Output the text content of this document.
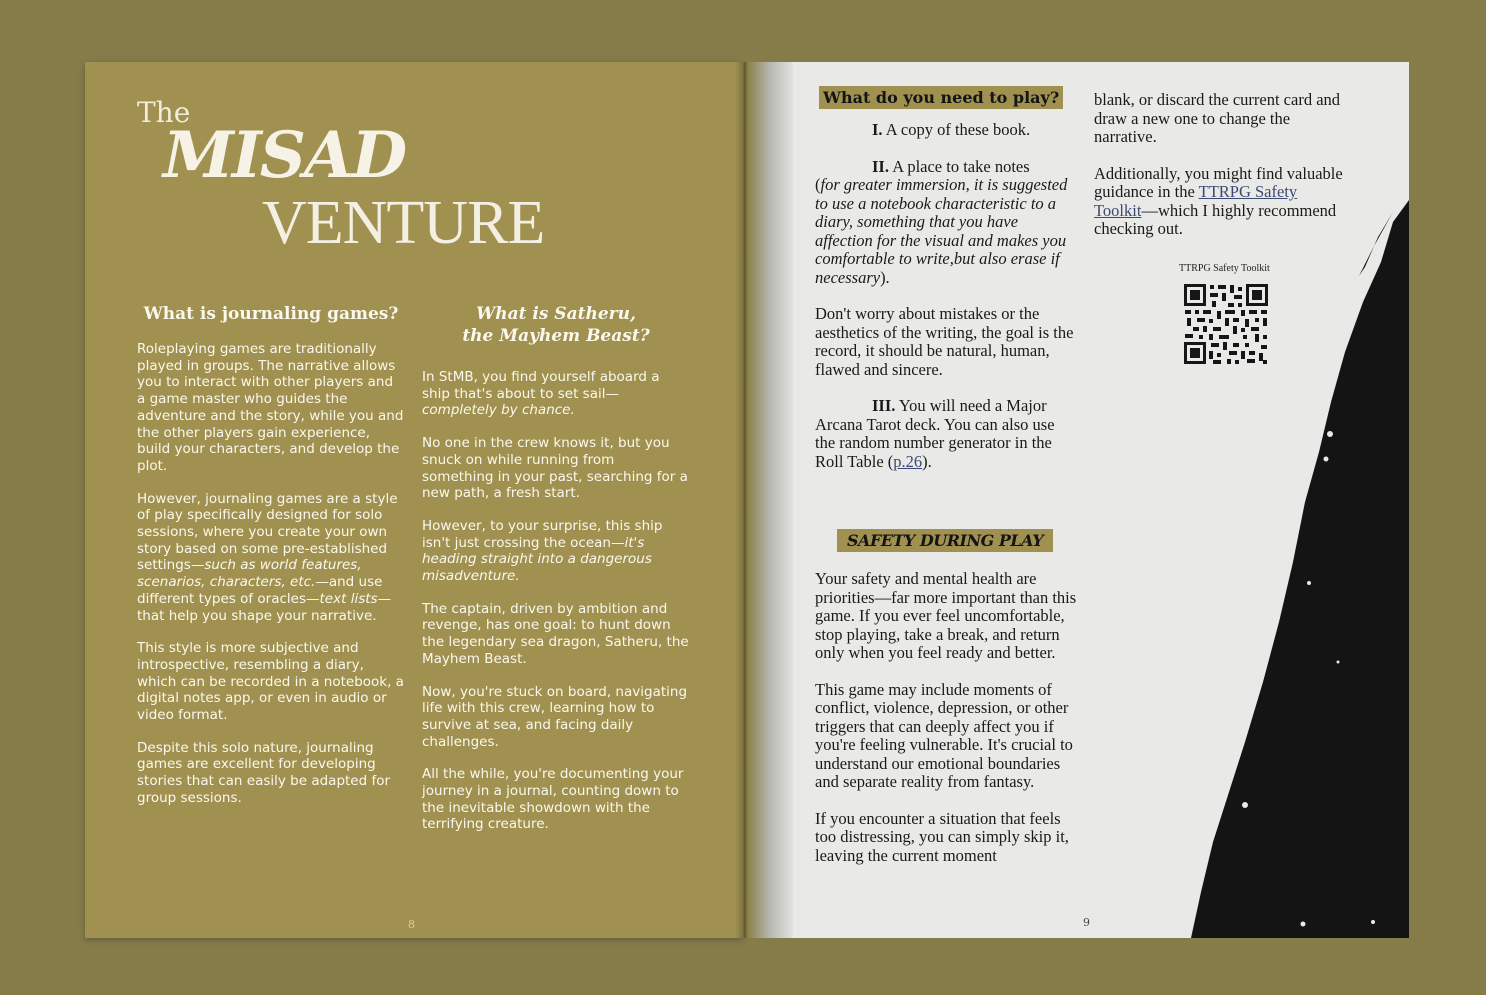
The
MISAD
VENTURE
What is journaling games?

Roleplaying games are traditionally played in groups. The narrative allows you to interact with other players and a game master who guides the adventure and the story, while you and the other players gain experience, build your characters, and develop the plot.

However, journaling games are a style of play specifically designed for solo sessions, where you create your own story based on some pre-established settings—such as world features, scenarios, characters, etc.—and use different types of oracles—text lists—that help you shape your narrative.

This style is more subjective and introspective, resembling a diary, which can be recorded in a notebook, a digital notes app, or even in audio or video format.

Despite this solo nature, journaling games are excellent for developing stories that can easily be adapted for group sessions.

What is Satheru,
the Mayhem Beast?

In StMB, you find yourself aboard a ship that's about to set sail—completely by chance.

No one in the crew knows it, but you snuck on while running from something in your past, searching for a new path, a fresh start.

However, to your surprise, this ship isn't just crossing the ocean—it's heading straight into a dangerous misadventure.

The captain, driven by ambition and revenge, has one goal: to hunt down the legendary sea dragon, Satheru, the Mayhem Beast.

Now, you're stuck on board, navigating life with this crew, learning how to survive at sea, and facing daily challenges.

All the while, you're documenting your journey in a journal, counting down to the inevitable showdown with the terrifying creature.

8
What do you need to play?

I. A copy of these book.

II. A place to take notes
(for greater immersion, it is suggested to use a notebook characteristic to a diary, something that you have affection for the visual and makes you comfortable to write,but also erase if necessary).

Don't worry about mistakes or the aesthetics of the writing, the goal is the record, it should be natural, human, flawed and sincere.

III. You will need a Major Arcana Tarot deck. You can also use the random number generator in the Roll Table (p.26).

SAFETY DURING PLAY

Your safety and mental health are priorities—far more important than this game. If you ever feel uncomfortable, stop playing, take a break, and return only when you feel ready and better.

This game may include moments of conflict, violence, depression, or other triggers that can deeply affect you if you're feeling vulnerable. It's crucial to understand our emotional boundaries and separate reality from fantasy.

If you encounter a situation that feels too distressing, you can simply skip it, leaving the current moment

blank, or discard the current card and draw a new one to change the narrative.

Additionally, you might find valuable guidance in the TTRPG Safety Toolkit—which I highly recommend checking out.

TTRPG Safety Toolkit
9
